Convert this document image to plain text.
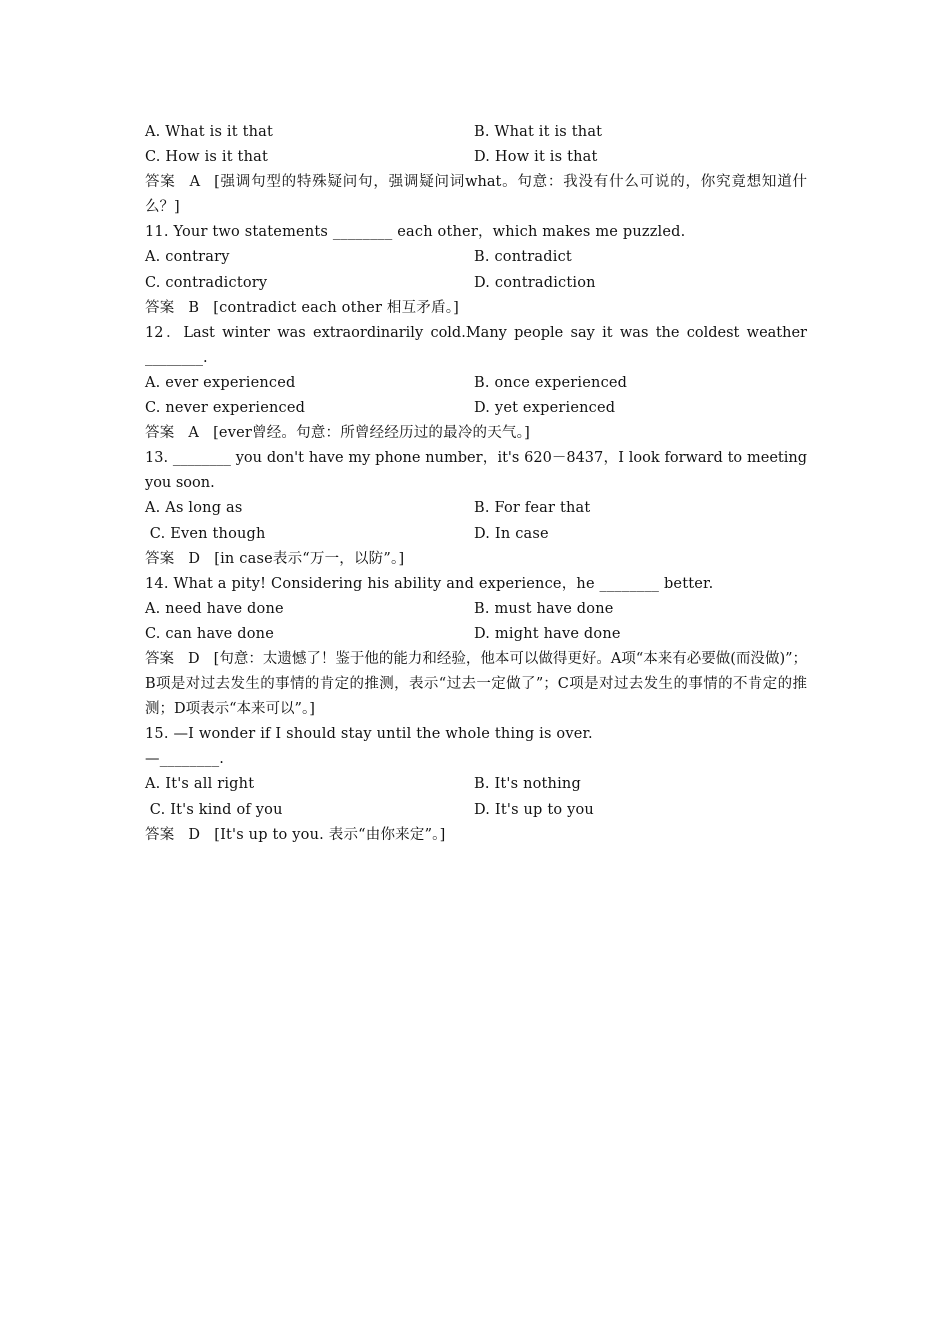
A. What is it that	B. What it is that
C. How is it that	D. How it is that
答案 A [强调句型的特殊疑问句，强调疑问词what。句意：我没有什么可说的，你究竟想知道什么？]
11. Your two statements ________ each other，which makes me puzzled.
A. contrary	B. contradict
C. contradictory	D. contradiction
答案 B [contradict each other 相互矛盾。]
12．Last winter was extraordinarily cold.Many people say it was the coldest weather ________.
A. ever experienced	B. once experienced
C. never experienced	D. yet experienced
答案 A [ever曾经。句意：所曾经经历过的最冷的天气。]
13. ________ you don't have my phone number，it's 620－8437，I look forward to meeting you soon.
A. As long as	B. For fear that
C. Even though	D. In case
答案 D [in case表示“万一，以防”。]
14. What a pity! Considering his ability and experience，he ________ better.
A. need have done	B. must have done
C. can have done	D. might have done
答案 D [句意：太遗憾了！鉴于他的能力和经验，他本可以做得更好。A项“本来有必要做(而没做)”；B项是对过去发生的事情的肯定的推测，表示“过去一定做了”；C项是对过去发生的事情的不肯定的推测；D项表示“本来可以”。]
15. —I wonder if I should stay until the whole thing is over.
—________.
A. It's all right	B. It's nothing
C. It's kind of you	D. It's up to you
答案 D [It's up to you. 表示“由你来定”。]
